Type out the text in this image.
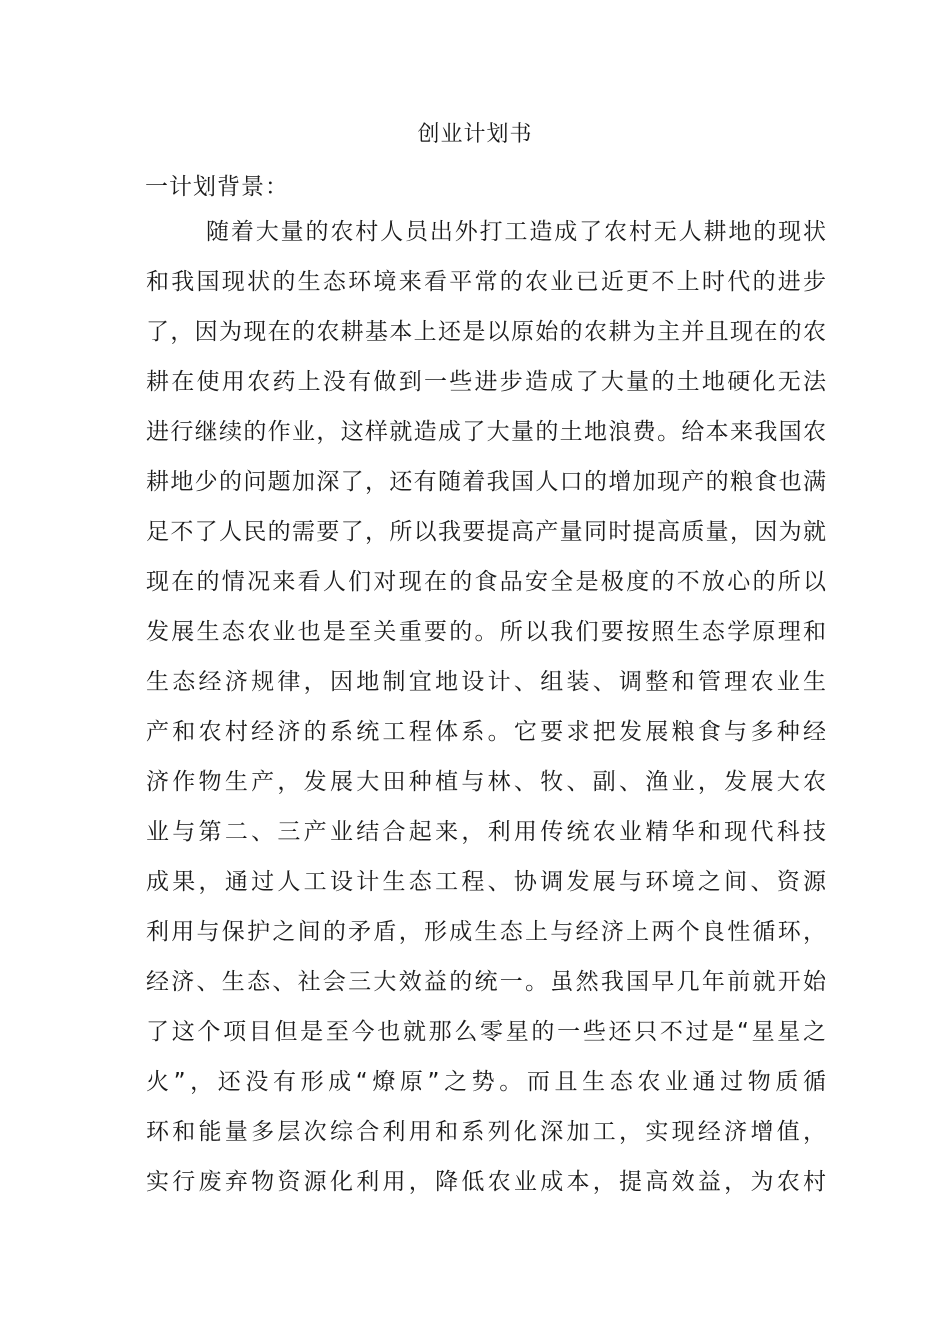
创业计划书
一计划背景：
随着大量的农村人员出外打工造成了农村无人耕地的现状
和我国现状的生态环境来看平常的农业已近更不上时代的进步
了，因为现在的农耕基本上还是以原始的农耕为主并且现在的农
耕在使用农药上没有做到一些进步造成了大量的土地硬化无法
进行继续的作业，这样就造成了大量的土地浪费。给本来我国农
耕地少的问题加深了，还有随着我国人口的增加现产的粮食也满
足不了人民的需要了，所以我要提高产量同时提高质量，因为就
现在的情况来看人们对现在的食品安全是极度的不放心的所以
发展生态农业也是至关重要的。所以我们要按照生态学原理和
生态经济规律，因地制宜地设计、组装、调整和管理农业生
产和农村经济的系统工程体系。它要求把发展粮食与多种经
济作物生产，发展大田种植与林、牧、副、渔业，发展大农
业与第二、三产业结合起来，利用传统农业精华和现代科技
成果，通过人工设计生态工程、协调发展与环境之间、资源
利用与保护之间的矛盾，形成生态上与经济上两个良性循环，
经济、生态、社会三大效益的统一。虽然我国早几年前就开始
了这个项目但是至今也就那么零星的一些还只不过是“星星之
火”，还没有形成“燎原”之势。而且生态农业通过物质循
环和能量多层次综合利用和系列化深加工，实现经济增值，
实行废弃物资源化利用，降低农业成本，提高效益，为农村
